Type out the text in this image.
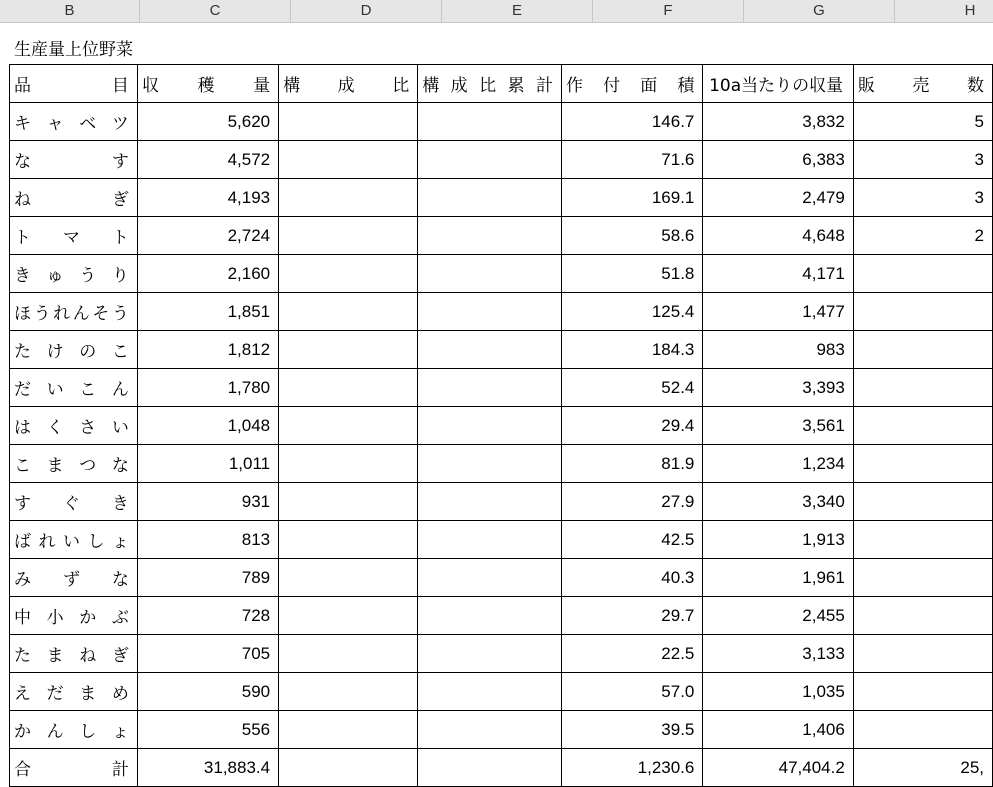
B	C	D	E	F	G	H
生産量上位野菜
品目	収穫量	構成比	構成比累計	作付面積	10a当たりの収量	販売数
キャベツ	5,620			146.7	3,832	5
なす	4,572			71.6	6,383	3
ねぎ	4,193			169.1	2,479	3
トマト	2,724			58.6	4,648	2
きゅうり	2,160			51.8	4,171	
ほうれんそう	1,851			125.4	1,477	
たけのこ	1,812			184.3	983	
だいこん	1,780			52.4	3,393	
はくさい	1,048			29.4	3,561	
こまつな	1,011			81.9	1,234	
すぐき	931			27.9	3,340	
ばれいしょ	813			42.5	1,913	
みずな	789			40.3	1,961	
中小かぶ	728			29.7	2,455	
たまねぎ	705			22.5	3,133	
えだまめ	590			57.0	1,035	
かんしょ	556			39.5	1,406	
合計	31,883.4			1,230.6	47,404.2	25,
